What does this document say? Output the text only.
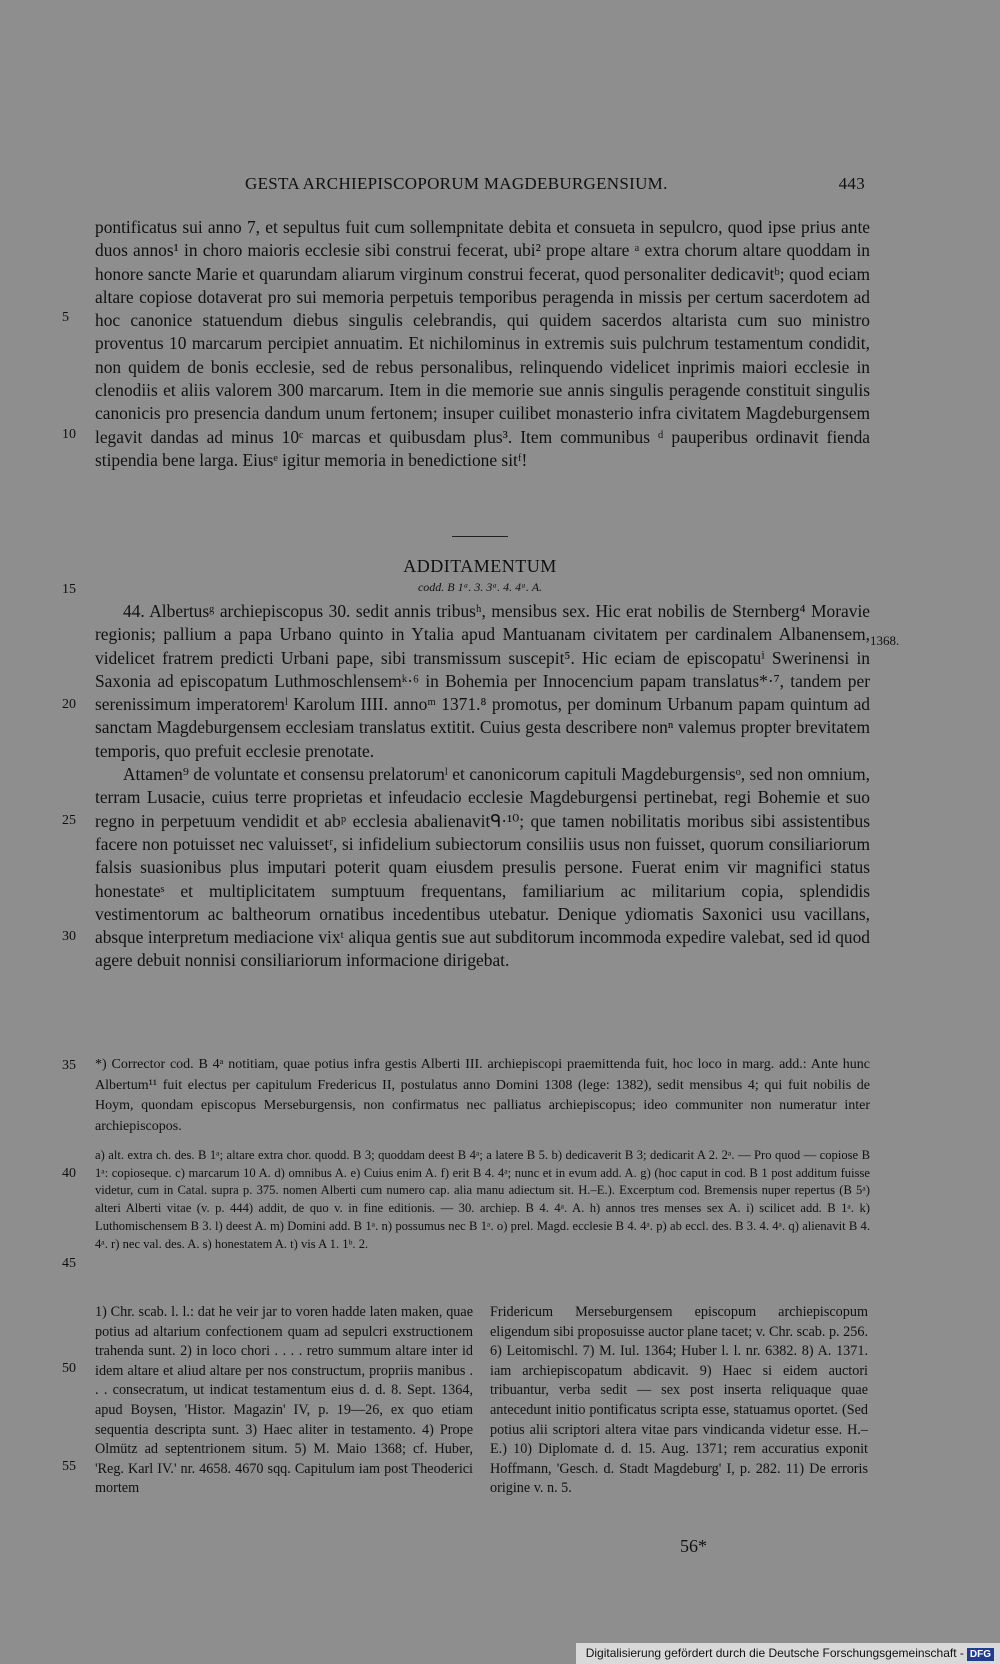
GESTA ARCHIEPISCOPORUM MAGDEBURGENSIUM.	443

pontificatus sui anno 7, et sepultus fuit cum sollempnitate debita et consueta in sepulcro, quod ipse prius ante duos annos¹ in choro maioris ecclesie sibi construi fecerat, ubi² prope altare ᵃ extra chorum altare quoddam in honore sancte Marie et quarundam aliarum virginum construi fecerat, quod personaliter dedicavitᵇ; quod eciam altare copiose dotaverat pro sui memoria perpetuis temporibus peragenda in missis per certum sacerdotem ad hoc canonice statuendum diebus singulis celebrandis, qui quidem sacerdos altarista cum suo ministro proventus 10 marcarum percipiet annuatim. Et nichilominus in extremis suis pulchrum testamentum condidit, non quidem de bonis ecclesie, sed de rebus personalibus, relinquendo videlicet inprimis maiori ecclesie in clenodiis et aliis valorem 300 marcarum. Item in die memorie sue annis singulis peragende constituit singulis canonicis pro presencia dandum unum fertonem; insuper cuilibet monasterio infra civitatem Magdeburgensem legavit dandas ad minus 10ᶜ marcas et quibusdam plus³. Item communibus ᵈ pauperibus ordinavit fienda stipendia bene larga. Eiusᵉ igitur memoria in benedictione sitᶠ!

5
10
15
20
25
30
35
40
45
50
55
ADDITAMENTUM
codd. B 1ᵃ. 3. 3ᵃ. 4. 4ᵃ. A.
1368.

44. Albertusᵍ archiepiscopus 30. sedit annis tribusʰ, mensibus sex. Hic erat nobilis de Sternberg⁴ Moravie regionis; pallium a papa Urbano quinto in Ytalia apud Mantuanam civitatem per cardinalem Albanensem, videlicet fratrem predicti Urbani pape, sibi transmissum suscepit⁵. Hic eciam de episcopatuⁱ Swerinensi in Saxonia ad episcopatum Luthmoschlensemᵏ·⁶ in Bohemia per Innocencium papam translatus*·⁷, tandem per serenissimum imperatoremˡ Karolum IIII. annoᵐ 1371.⁸ promotus, per dominum Urbanum papam quintum ad sanctam Magdeburgensem ecclesiam translatus extitit. Cuius gesta describere nonⁿ valemus propter brevitatem temporis, quo prefuit ecclesie prenotate.

Attamen⁹ de voluntate et consensu prelatorumˡ et canonicorum capituli Magdeburgensisᵒ, sed non omnium, terram Lusacie, cuius terre proprietas et infeudacio ecclesie Magdeburgensi pertinebat, regi Bohemie et suo regno in perpetuum vendidit et abᵖ ecclesia abalienavitᑫ·¹⁰; que tamen nobilitatis moribus sibi assistentibus facere non potuisset nec valuissetʳ, si infidelium subiectorum consiliis usus non fuisset, quorum consiliariorum falsis suasionibus plus imputari poterit quam eiusdem presulis persone. Fuerat enim vir magnifici status honestateˢ et multiplicitatem sumptuum frequentans, familiarium ac militarium copia, splendidis vestimentorum ac baltheorum ornatibus incedentibus utebatur. Denique ydiomatis Saxonici usu vacillans, absque interpretum mediacione vixᵗ aliqua gentis sue aut subditorum incommoda expedire valebat, sed id quod agere debuit nonnisi consiliariorum informacione dirigebat.

*) Corrector cod. B 4ᵃ notitiam, quae potius infra gestis Alberti III. archiepiscopi praemittenda fuit, hoc loco in marg. add.: Ante hunc Albertum¹¹ fuit electus per capitulum Fredericus II, postulatus anno Domini 1308 (lege: 1382), sedit mensibus 4; qui fuit nobilis de Hoym, quondam episcopus Merseburgensis, non confirmatus nec palliatus archiepiscopus; ideo communiter non numeratur inter archiepiscopos.
a) alt. extra ch. des. B 1ᵃ; altare extra chor. quodd. B 3; quoddam deest B 4ᵃ; a latere B 5. b) dedicaverit B 3; dedicarit A 2. 2ᵃ. — Pro quod — copiose B 1ᵃ: copioseque. c) marcarum 10 A. d) omnibus A. e) Cuius enim A. f) erit B 4. 4ᵃ; nunc et in evum add. A. g) (hoc caput in cod. B 1 post additum fuisse videtur, cum in Catal. supra p. 375. nomen Alberti cum numero cap. alia manu adiectum sit. H.–E.). Excerptum cod. Bremensis nuper repertus (B 5ᵃ) alteri Alberti vitae (v. p. 444) addit, de quo v. in fine editionis. — 30. archiep. B 4. 4ᵃ. A. h) annos tres menses sex A. i) scilicet add. B 1ᵃ. k) Luthomischensem B 3. l) deest A. m) Domini add. B 1ᵃ. n) possumus nec B 1ᵃ. o) prel. Magd. ecclesie B 4. 4ᵃ. p) ab eccl. des. B 3. 4. 4ᵃ. q) alienavit B 4. 4ᵃ. r) nec val. des. A. s) honestatem A. t) vis A 1. 1ᵇ. 2.
1) Chr. scab. l. l.: dat he veir jar to voren hadde laten maken, quae potius ad altarium confectionem quam ad sepulcri exstructionem trahenda sunt. 2) in loco chori . . . . retro summum altare inter id idem altare et aliud altare per nos constructum, propriis manibus . . . consecratum, ut indicat testamentum eius d. d. 8. Sept. 1364, apud Boysen, 'Histor. Magazin' IV, p. 19—26, ex quo etiam sequentia descripta sunt. 3) Haec aliter in testamento. 4) Prope Olmütz ad septentrionem situm. 5) M. Maio 1368; cf. Huber, 'Reg. Karl IV.' nr. 4658. 4670 sqq. Capitulum iam post Theoderici mortem
Fridericum Merseburgensem episcopum archiepiscopum eligendum sibi proposuisse auctor plane tacet; v. Chr. scab. p. 256. 6) Leitomischl. 7) M. Iul. 1364; Huber l. l. nr. 6382. 8) A. 1371. iam archiepiscopatum abdicavit. 9) Haec si eidem auctori tribuantur, verba sedit — sex post inserta reliquaque quae antecedunt initio pontificatus scripta esse, statuamus oportet. (Sed potius alii scriptori altera vitae pars vindicanda videtur esse. H.–E.) 10) Diplomate d. d. 15. Aug. 1371; rem accuratius exponit Hoffmann, 'Gesch. d. Stadt Magdeburg' I, p. 282. 11) De erroris origine v. n. 5.
56*
Digitalisierung gefördert durch die Deutsche Forschungsgemeinschaft - DFG
